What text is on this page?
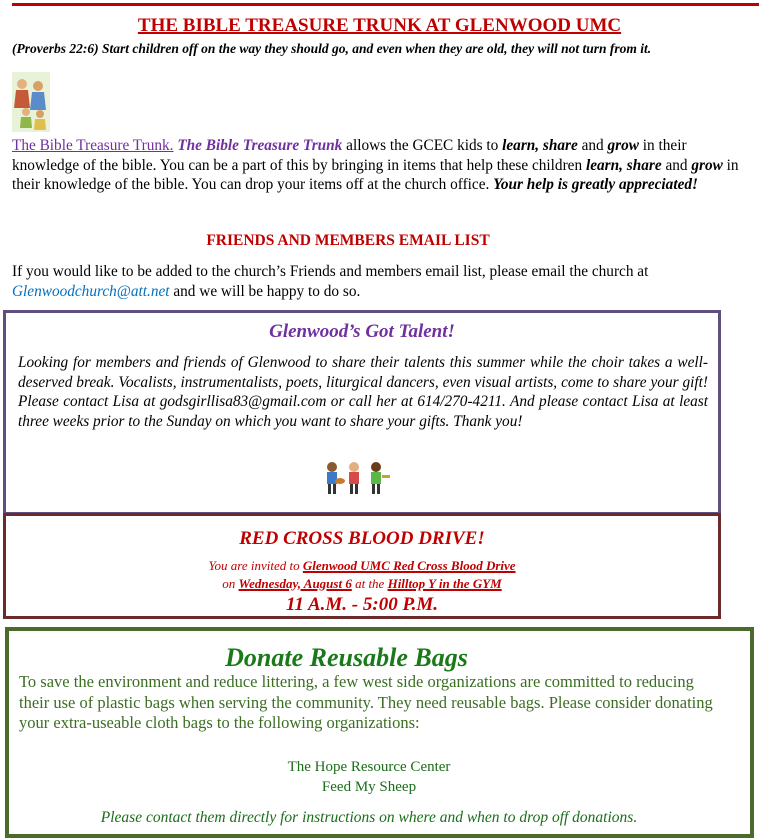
THE BIBLE TREASURE TRUNK AT GLENWOOD UMC
(Proverbs 22:6) Start children off on the way they should go, and even when they are old, they will not turn from it.
The Bible Treasure Trunk. The Bible Treasure Trunk allows the GCEC kids to learn, share and grow in their knowledge of the bible. You can be a part of this by bringing in items that help these children learn, share and grow in their knowledge of the bible. You can drop your items off at the church office. Your help is greatly appreciated!
FRIENDS AND MEMBERS EMAIL LIST
If you would like to be added to the church’s Friends and members email list, please email the church at Glenwoodchurch@att.net and we will be happy to do so.
Glenwood’s Got Talent!
Looking for members and friends of Glenwood to share their talents this summer while the choir takes a well-deserved break. Vocalists, instrumentalists, poets, liturgical dancers, even visual artists, come to share your gift! Please contact Lisa at godsgirllisa83@gmail.com or call her at 614/270-4211. And please contact Lisa at least three weeks prior to the Sunday on which you want to share your gifts. Thank you!
RED CROSS BLOOD DRIVE!
You are invited to Glenwood UMC Red Cross Blood Drive
on Wednesday, August 6 at the Hilltop Y in the GYM
11 A.M. - 5:00 P.M.
Donate Reusable Bags
To save the environment and reduce littering, a few west side organizations are committed to reducing their use of plastic bags when serving the community. They need reusable bags. Please consider donating your extra-useable cloth bags to the following organizations:
The Hope Resource Center
Feed My Sheep
Please contact them directly for instructions on where and when to drop off donations.
